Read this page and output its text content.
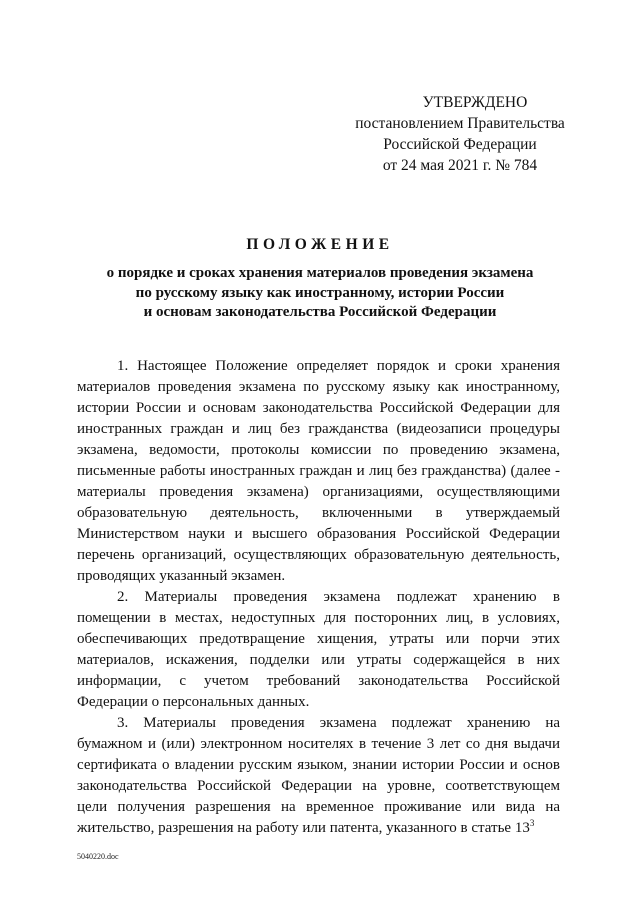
УТВЕРЖДЕНО
постановлением Правительства
Российской Федерации
от 24 мая 2021 г. № 784
ПОЛОЖЕНИЕ
о порядке и сроках хранения материалов проведения экзамена
по русскому языку как иностранному, истории России
и основам законодательства Российской Федерации

1. Настоящее Положение определяет порядок и сроки хранения материалов проведения экзамена по русскому языку как иностранному, истории России и основам законодательства Российской Федерации для иностранных граждан и лиц без гражданства (видеозаписи процедуры экзамена, ведомости, протоколы комиссии по проведению экзамена, письменные работы иностранных граждан и лиц без гражданства) (далее - материалы проведения экзамена) организациями, осуществляющими образовательную деятельность, включенными в утверждаемый Министерством науки и высшего образования Российской Федерации перечень организаций, осуществляющих образовательную деятельность, проводящих указанный экзамен.

2. Материалы проведения экзамена подлежат хранению в помещении в местах, недоступных для посторонних лиц, в условиях, обеспечивающих предотвращение хищения, утраты или порчи этих материалов, искажения, подделки или утраты содержащейся в них информации, с учетом требований законодательства Российской Федерации о персональных данных.

3. Материалы проведения экзамена подлежат хранению на бумажном и (или) электронном носителях в течение 3 лет со дня выдачи сертификата о владении русским языком, знании истории России и основ законодательства Российской Федерации на уровне, соответствующем цели получения разрешения на временное проживание или вида на жительство, разрешения на работу или патента, указанного в статье $13^3$

5040220.doc
